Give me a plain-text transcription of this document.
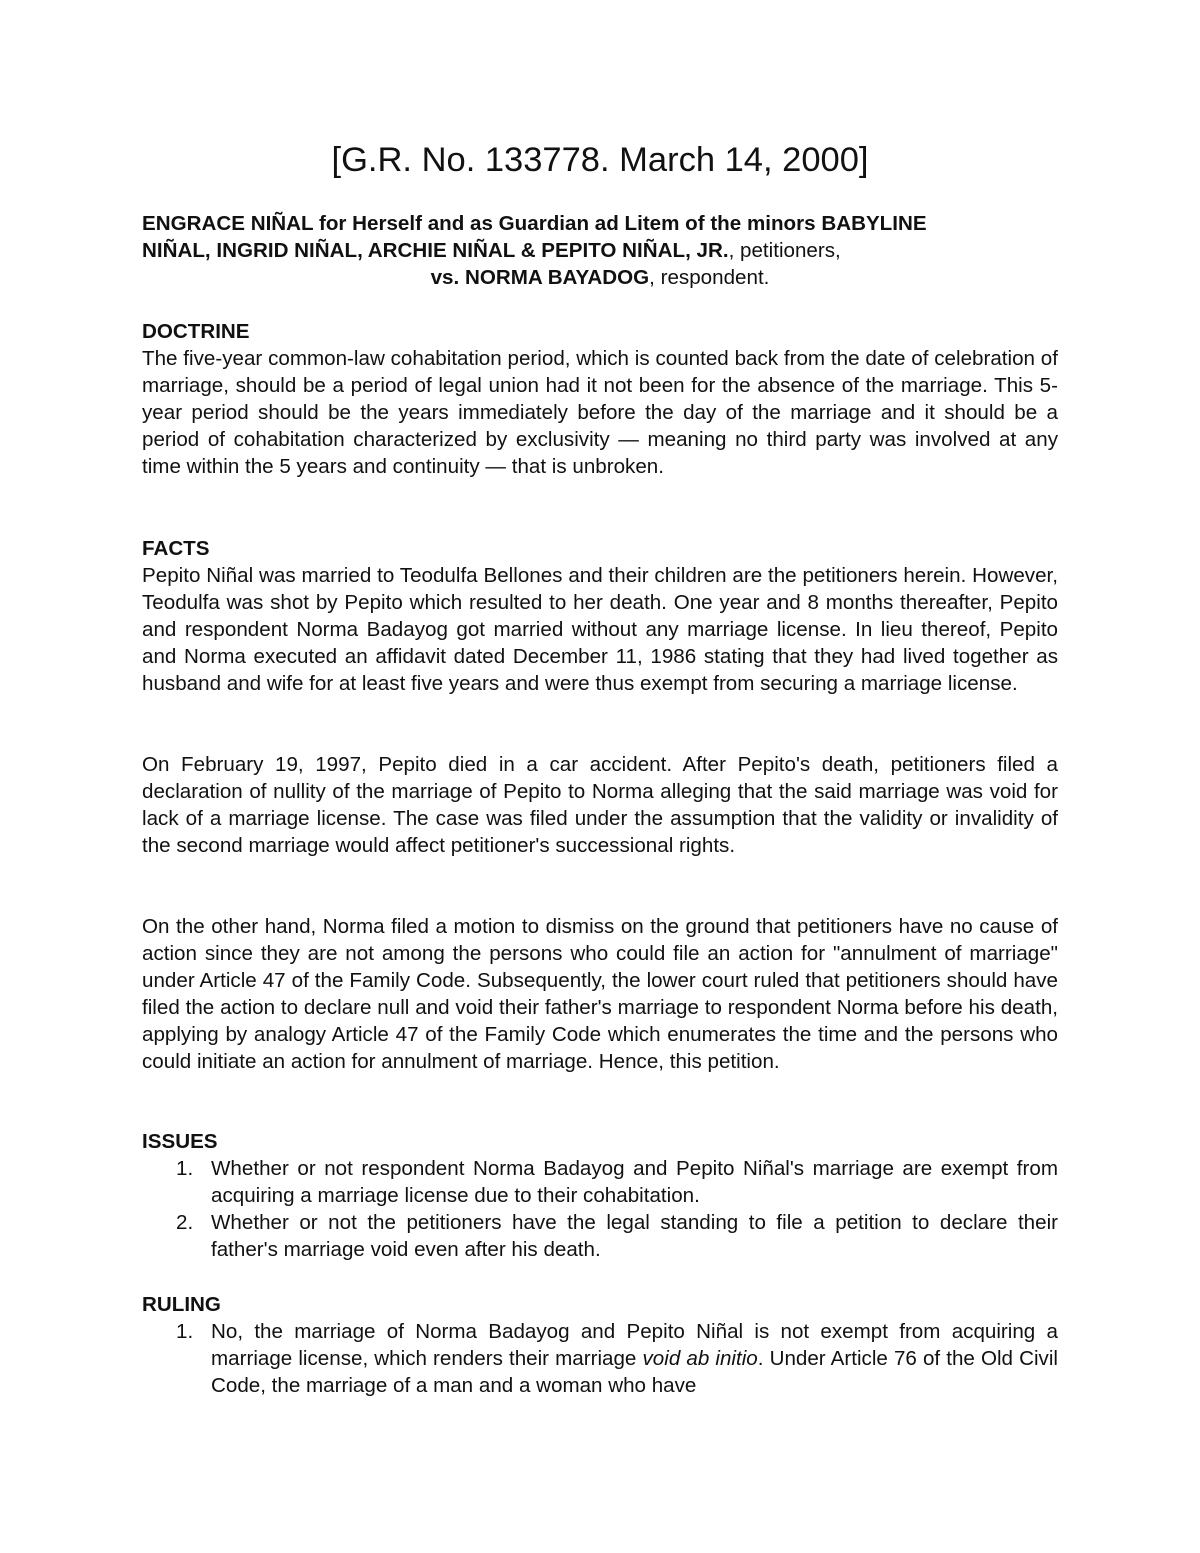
[G.R. No. 133778. March 14, 2000]
ENGRACE NIÑAL for Herself and as Guardian ad Litem of the minors BABYLINE
NIÑAL, INGRID NIÑAL, ARCHIE NIÑAL & PEPITO NIÑAL, JR., petitioners,
vs. NORMA BAYADOG, respondent.

DOCTRINE

The five-year common-law cohabitation period, which is counted back from the date of celebration of marriage, should be a period of legal union had it not been for the absence of the marriage. This 5-year period should be the years immediately before the day of the marriage and it should be a period of cohabitation characterized by exclusivity — meaning no third party was involved at any time within the 5 years and continuity — that is unbroken.

FACTS

Pepito Niñal was married to Teodulfa Bellones and their children are the petitioners herein. However, Teodulfa was shot by Pepito which resulted to her death. One year and 8 months thereafter, Pepito and respondent Norma Badayog got married without any marriage license. In lieu thereof, Pepito and Norma executed an affidavit dated December 11, 1986 stating that they had lived together as husband and wife for at least five years and were thus exempt from securing a marriage license.

On February 19, 1997, Pepito died in a car accident. After Pepito's death, petitioners filed a declaration of nullity of the marriage of Pepito to Norma alleging that the said marriage was void for lack of a marriage license. The case was filed under the assumption that the validity or invalidity of the second marriage would affect petitioner's successional rights.

On the other hand, Norma filed a motion to dismiss on the ground that petitioners have no cause of action since they are not among the persons who could file an action for "annulment of marriage" under Article 47 of the Family Code. Subsequently, the lower court ruled that petitioners should have filed the action to declare null and void their father's marriage to respondent Norma before his death, applying by analogy Article 47 of the Family Code which enumerates the time and the persons who could initiate an action for annulment of marriage. Hence, this petition.

ISSUES

1. Whether or not respondent Norma Badayog and Pepito Niñal's marriage are exempt from acquiring a marriage license due to their cohabitation.
2. Whether or not the petitioners have the legal standing to file a petition to declare their father's marriage void even after his death.

RULING

1. No, the marriage of Norma Badayog and Pepito Niñal is not exempt from acquiring a marriage license, which renders their marriage void ab initio. Under Article 76 of the Old Civil Code, the marriage of a man and a woman who have
